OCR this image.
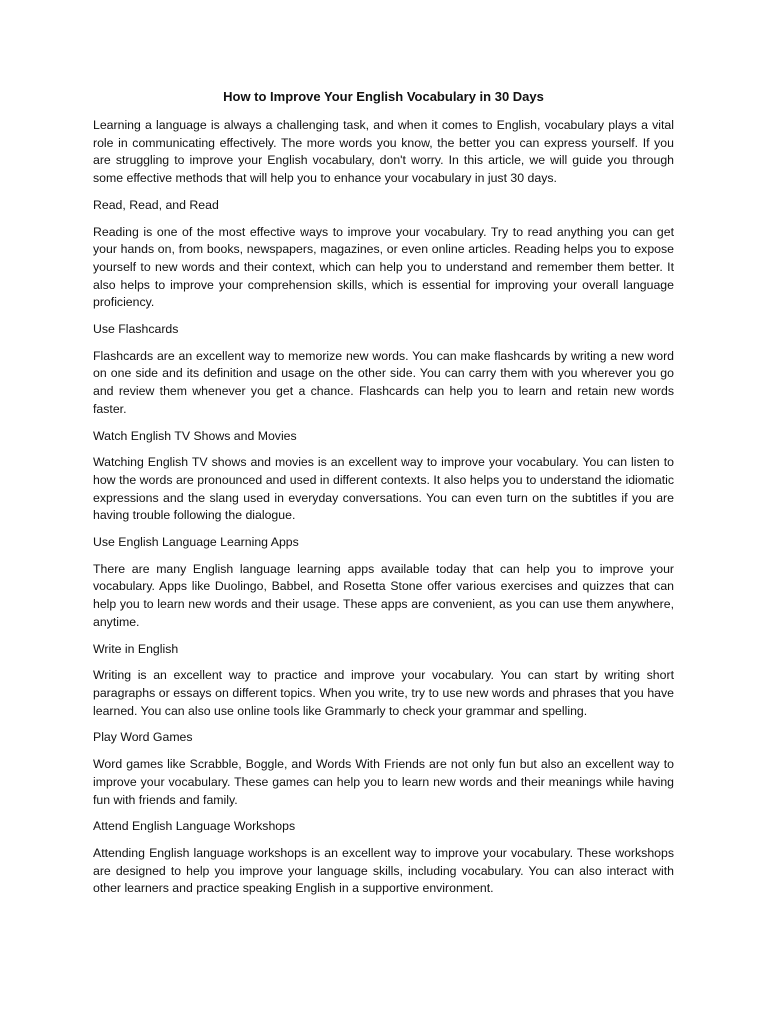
How to Improve Your English Vocabulary in 30 Days

Learning a language is always a challenging task, and when it comes to English, vocabulary plays a vital role in communicating effectively. The more words you know, the better you can express yourself. If you are struggling to improve your English vocabulary, don't worry. In this article, we will guide you through some effective methods that will help you to enhance your vocabulary in just 30 days.

Read, Read, and Read

Reading is one of the most effective ways to improve your vocabulary. Try to read anything you can get your hands on, from books, newspapers, magazines, or even online articles. Reading helps you to expose yourself to new words and their context, which can help you to understand and remember them better. It also helps to improve your comprehension skills, which is essential for improving your overall language proficiency.

Use Flashcards

Flashcards are an excellent way to memorize new words. You can make flashcards by writing a new word on one side and its definition and usage on the other side. You can carry them with you wherever you go and review them whenever you get a chance. Flashcards can help you to learn and retain new words faster.

Watch English TV Shows and Movies

Watching English TV shows and movies is an excellent way to improve your vocabulary. You can listen to how the words are pronounced and used in different contexts. It also helps you to understand the idiomatic expressions and the slang used in everyday conversations. You can even turn on the subtitles if you are having trouble following the dialogue.

Use English Language Learning Apps

There are many English language learning apps available today that can help you to improve your vocabulary. Apps like Duolingo, Babbel, and Rosetta Stone offer various exercises and quizzes that can help you to learn new words and their usage. These apps are convenient, as you can use them anywhere, anytime.

Write in English

Writing is an excellent way to practice and improve your vocabulary. You can start by writing short paragraphs or essays on different topics. When you write, try to use new words and phrases that you have learned. You can also use online tools like Grammarly to check your grammar and spelling.

Play Word Games

Word games like Scrabble, Boggle, and Words With Friends are not only fun but also an excellent way to improve your vocabulary. These games can help you to learn new words and their meanings while having fun with friends and family.

Attend English Language Workshops

Attending English language workshops is an excellent way to improve your vocabulary. These workshops are designed to help you improve your language skills, including vocabulary. You can also interact with other learners and practice speaking English in a supportive environment.
